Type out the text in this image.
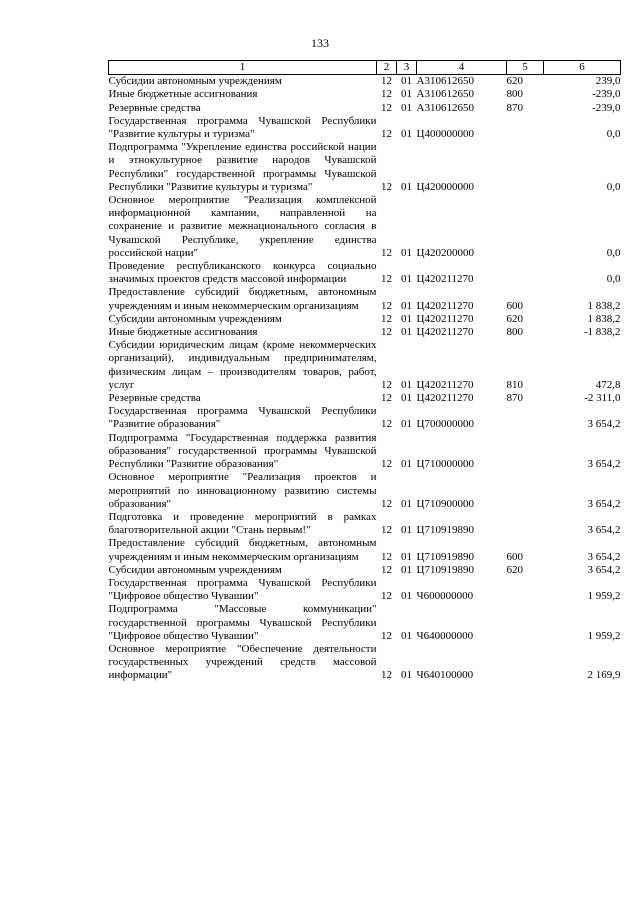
133
1	2	3	4	5	6
Субсидии автономным учреждениям	12	01	А310612650	620	239,0
Иные бюджетные ассигнования	12	01	А310612650	800	-239,0
Резервные средства	12	01	А310612650	870	-239,0
Государственная программа Чувашской Республики "Развитие культуры и туризма"	12	01	Ц400000000		0,0
Подпрограмма "Укрепление единства российской нации и этнокультурное развитие народов Чувашской Республики" государственной программы Чувашской Республики "Развитие культуры и туризма"	12	01	Ц420000000		0,0
Основное мероприятие "Реализация комплексной информационной кампании, направленной на сохранение и развитие межнационального согласия в Чувашской Республике, укрепление единства российской нации"	12	01	Ц420200000		0,0
Проведение республиканского конкурса социально значимых проектов средств массовой информации	12	01	Ц420211270		0,0
Предоставление субсидий бюджетным, автономным учреждениям и иным некоммерческим организациям	12	01	Ц420211270	600	1 838,2
Субсидии автономным учреждениям	12	01	Ц420211270	620	1 838,2
Иные бюджетные ассигнования	12	01	Ц420211270	800	-1 838,2
Субсидии юридическим лицам (кроме некоммерческих организаций), индивидуальным предпринимателям, физическим лицам – производителям товаров, работ, услуг	12	01	Ц420211270	810	472,8
Резервные средства	12	01	Ц420211270	870	-2 311,0
Государственная программа Чувашской Республики "Развитие образования"	12	01	Ц700000000		3 654,2
Подпрограмма "Государственная поддержка развития образования" государственной программы Чувашской Республики "Развитие образования"	12	01	Ц710000000		3 654,2
Основное мероприятие "Реализация проектов и мероприятий по инновационному развитию системы образования"	12	01	Ц710900000		3 654,2
Подготовка и проведение мероприятий в рамках благотворительной акции "Стань первым!"	12	01	Ц710919890		3 654,2
Предоставление субсидий бюджетным, автономным учреждениям и иным некоммерческим организациям	12	01	Ц710919890	600	3 654,2
Субсидии автономным учреждениям	12	01	Ц710919890	620	3 654,2
Государственная программа Чувашской Республики "Цифровое общество Чувашии"	12	01	Ч600000000		1 959,2
Подпрограмма "Массовые коммуникации" государственной программы Чувашской Республики "Цифровое общество Чувашии"	12	01	Ч640000000		1 959,2
Основное мероприятие "Обеспечение деятельности государственных учреждений средств массовой информации"	12	01	Ч640100000		2 169,9
